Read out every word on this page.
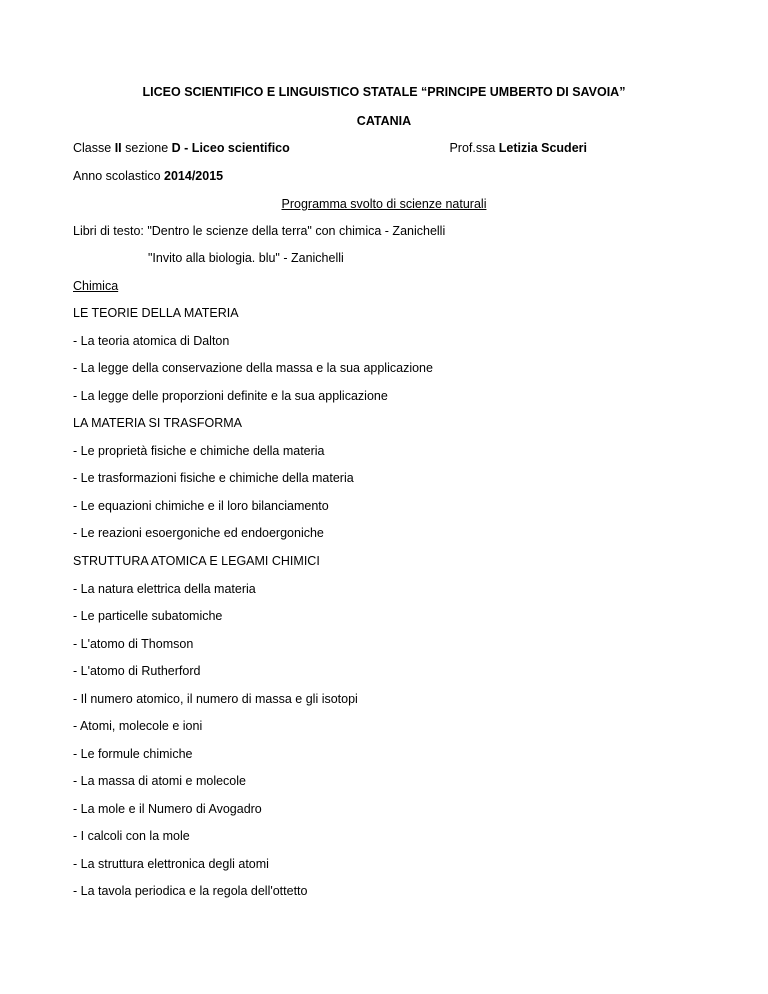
LICEO SCIENTIFICO E LINGUISTICO STATALE “PRINCIPE UMBERTO DI SAVOIA”
CATANIA
Classe II sezione D - Liceo scientifico	Prof.ssa Letizia Scuderi
Anno scolastico 2014/2015
Programma svolto di scienze naturali
Libri di testo: "Dentro le scienze della terra" con chimica - Zanichelli
"Invito alla biologia. blu" - Zanichelli
Chimica
LE TEORIE DELLA MATERIA
- La teoria atomica di Dalton
- La legge della conservazione della massa e la sua applicazione
- La legge delle proporzioni definite e la sua applicazione
LA MATERIA SI TRASFORMA
- Le proprietà fisiche e chimiche della materia
- Le trasformazioni fisiche e chimiche della materia
- Le equazioni chimiche e il loro bilanciamento
- Le reazioni esoergoniche ed endoergoniche
STRUTTURA ATOMICA E LEGAMI CHIMICI
- La natura elettrica della materia
- Le particelle subatomiche
- L'atomo di Thomson
- L'atomo di Rutherford
- Il numero atomico, il numero di massa e gli isotopi
- Atomi, molecole e ioni
- Le formule chimiche
- La massa di atomi e molecole
- La mole e il Numero di Avogadro
- I calcoli con la mole
- La struttura elettronica degli atomi
- La tavola periodica e la regola dell'ottetto
